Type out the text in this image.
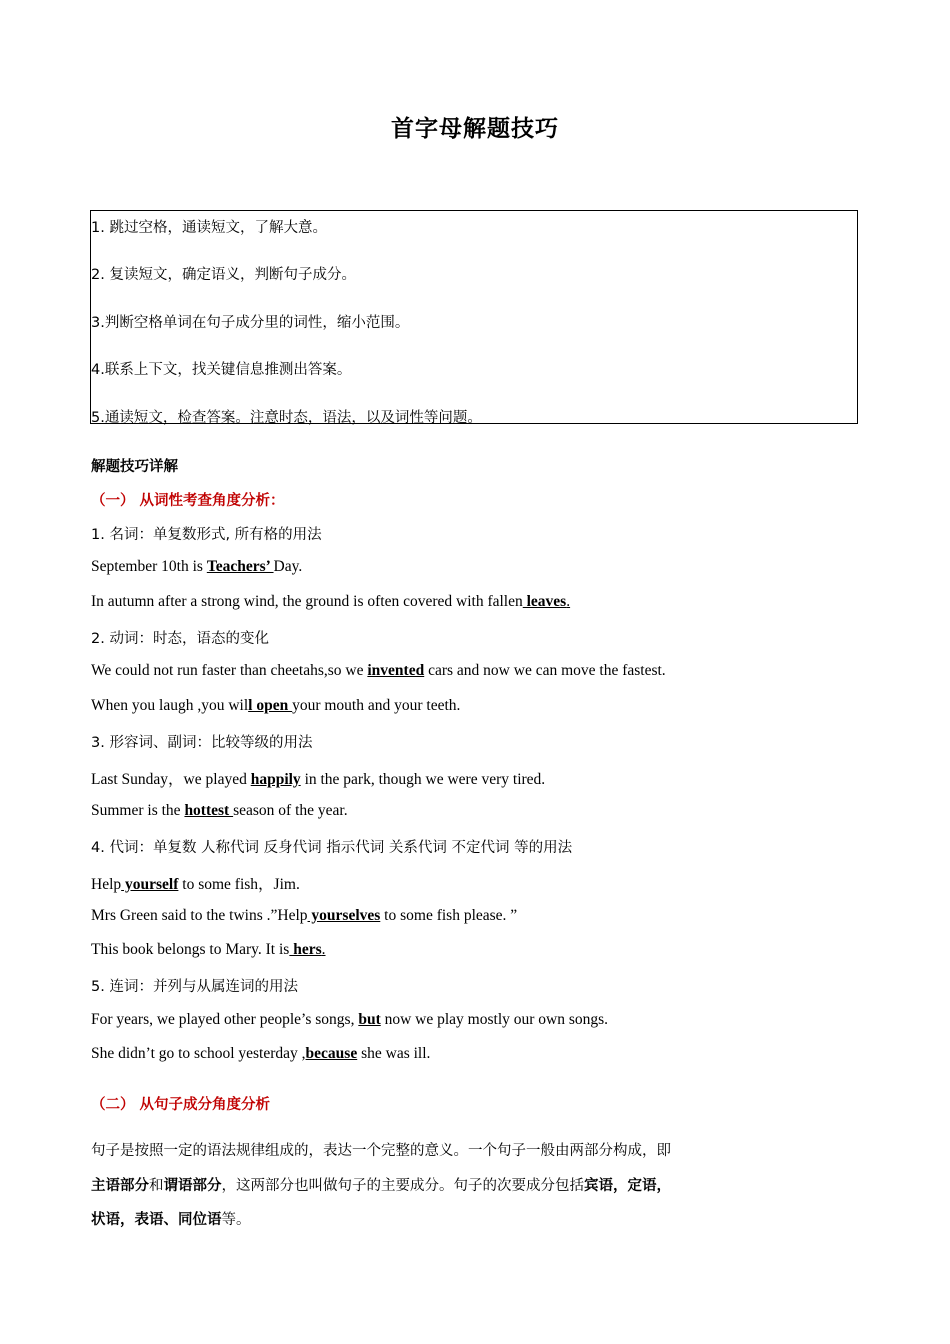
首字母解题技巧
1. 跳过空格，通读短文，了解大意。
2. 复读短文，确定语义，判断句子成分。
3.判断空格单词在句子成分里的词性，缩小范围。
4.联系上下文，找关键信息推测出答案。
5.通读短文，检查答案。注意时态，语法，以及词性等问题。
解题技巧详解
（一） 从词性考查角度分析：
1. 名词：单复数形式, 所有格的用法
September 10th is Teachers’ Day.
In autumn after a strong wind, the ground is often covered with fallen leaves.
2. 动词：时态，语态的变化
We could not run faster than cheetahs,so we invented cars and now we can move the fastest.
When you laugh ,you will open your mouth and your teeth.
3. 形容词、副词：比较等级的用法
Last Sunday，we played happily in the park, though we were very tired.
Summer is the hottest season of the year.
4. 代词：单复数 人称代词 反身代词 指示代词 关系代词 不定代词 等的用法
Help yourself to some fish，Jim.
Mrs Green said to the twins .”Help yourselves to some fish please. ”
This book belongs to Mary. It is hers.
5. 连词：并列与从属连词的用法
For years, we played other people’s songs, but now we play mostly our own songs.
She didn’t go to school yesterday ,because she was ill.
（二） 从句子成分角度分析
句子是按照一定的语法规律组成的，表达一个完整的意义。一个句子一般由两部分构成，即
主语部分和谓语部分，这两部分也叫做句子的主要成分。句子的次要成分包括宾语，定语，
状语，表语、同位语等。
